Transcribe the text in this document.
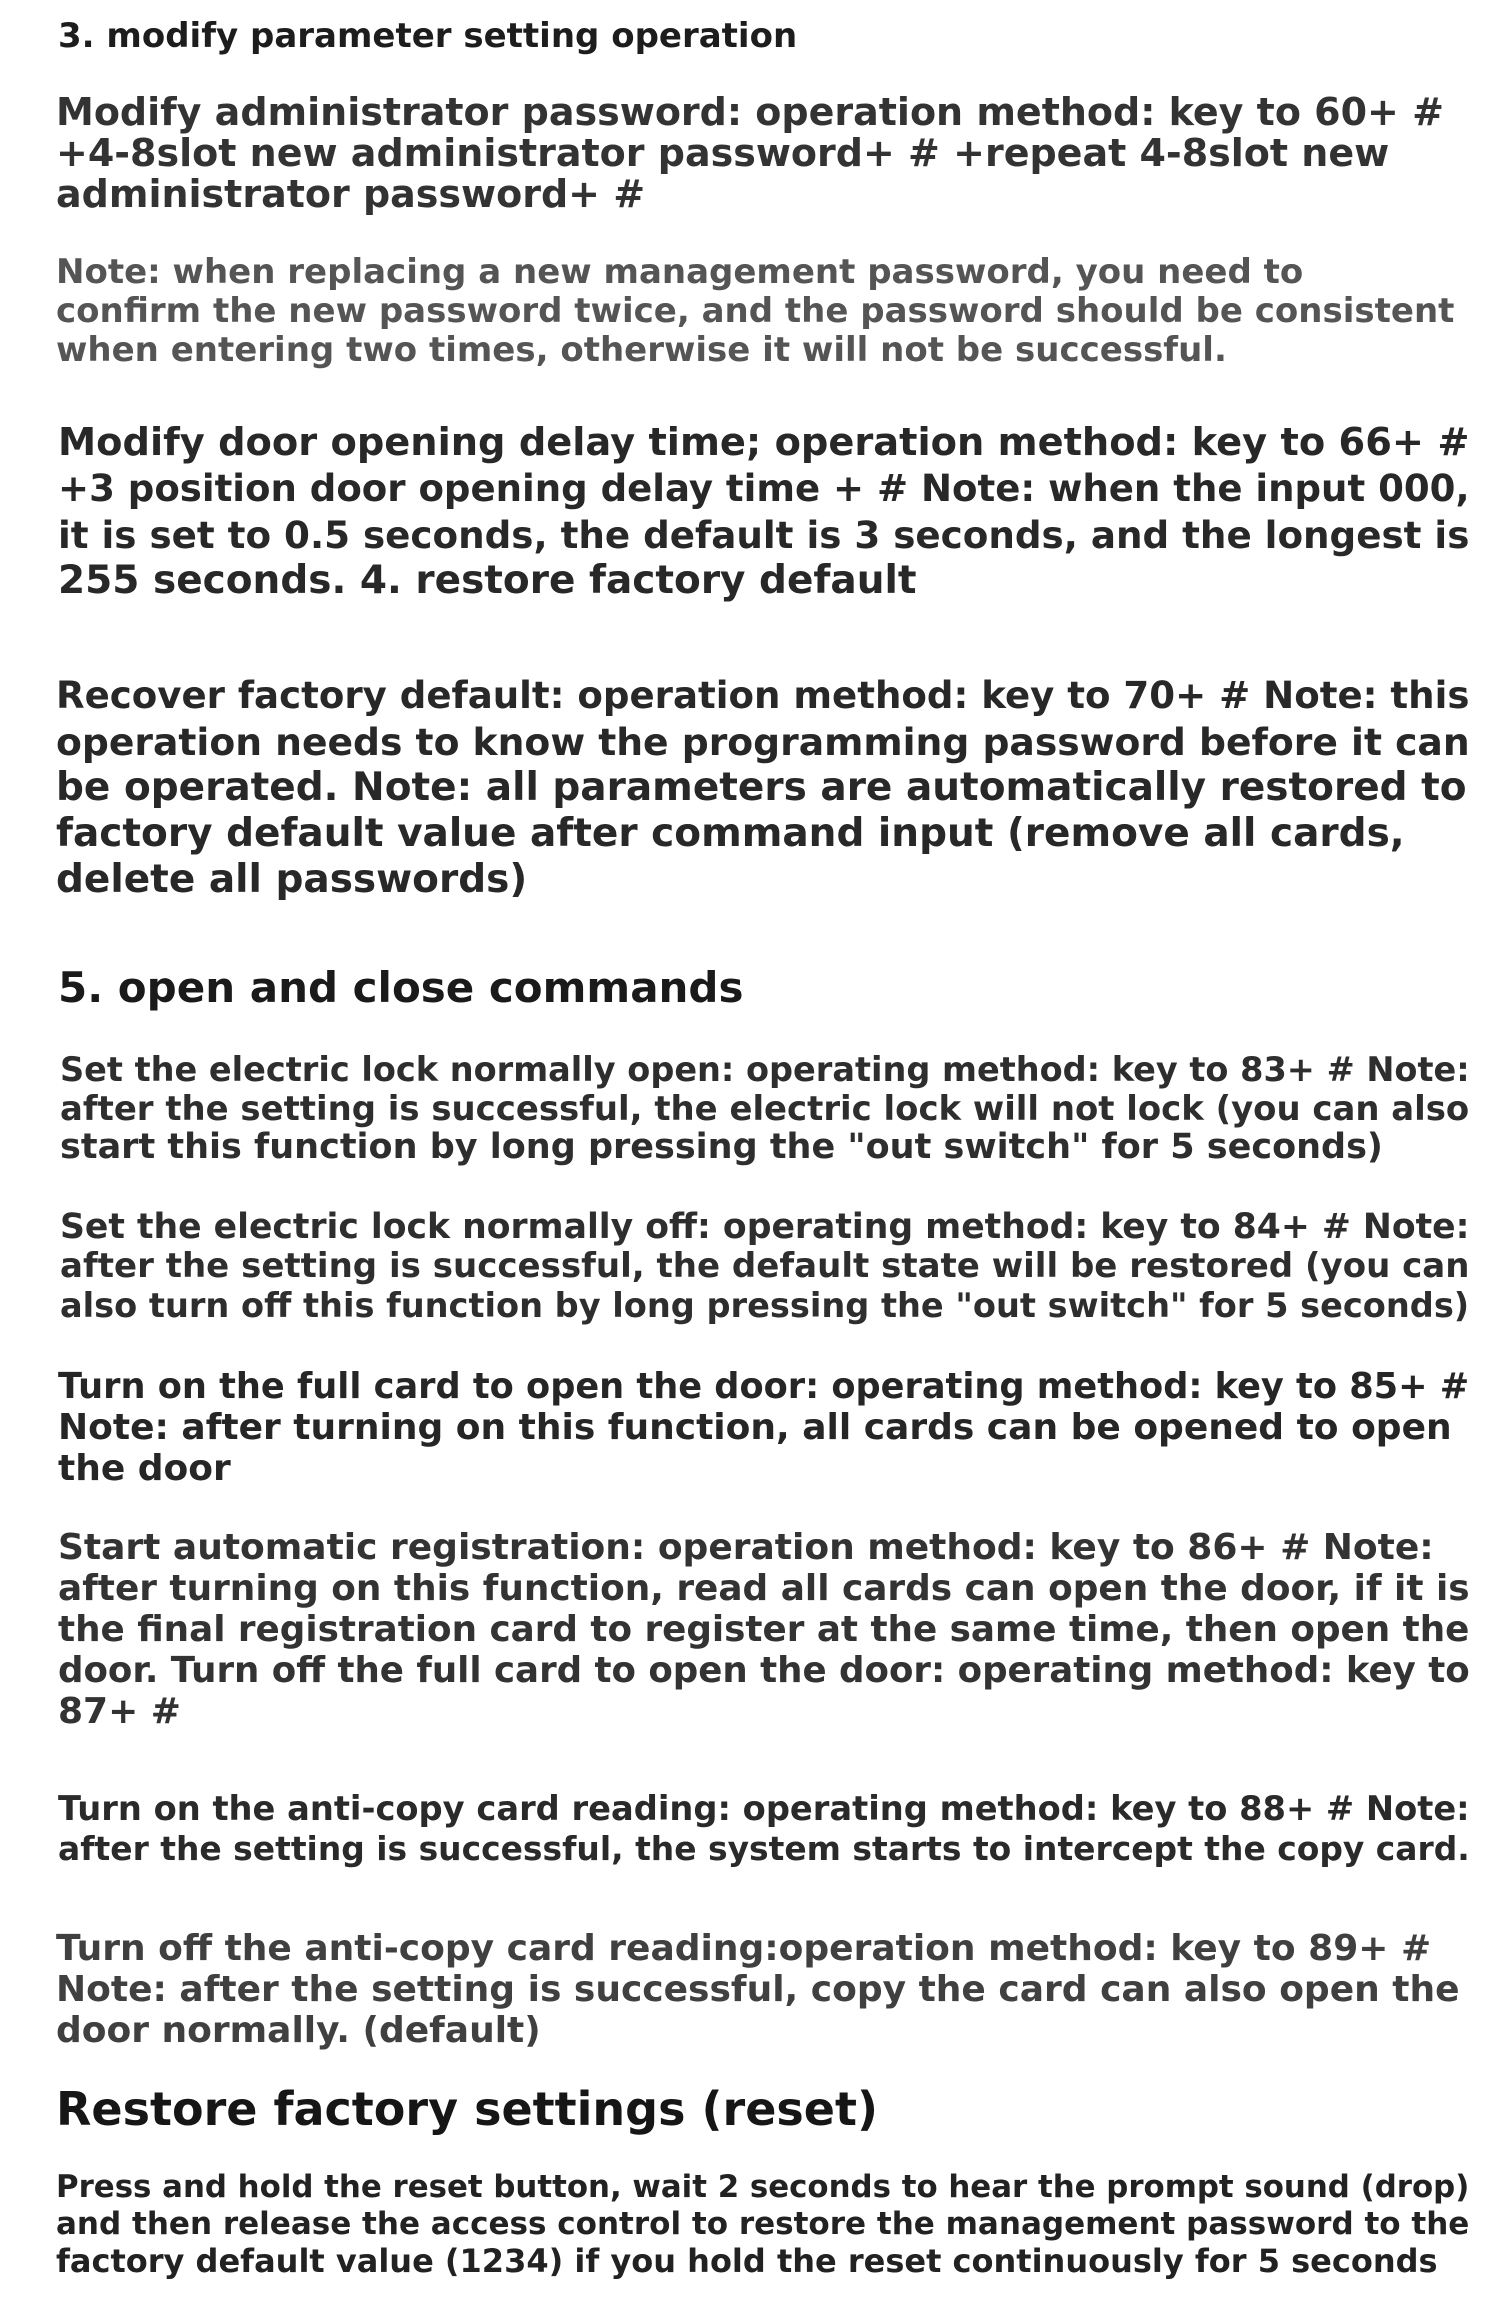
3. modify parameter setting operation
Modify administrator password: operation method: key to 60+ #
+4-8slot new administrator password+ # +repeat 4-8slot new
administrator password+ #
Note: when replacing a new management password, you need to
confirm the new password twice, and the password should be consistent
when entering two times, otherwise it will not be successful.
Modify door opening delay time; operation method: key to 66+ #
+3 position door opening delay time + # Note: when the input 000,
it is set to 0.5 seconds, the default is 3 seconds, and the longest is
255 seconds. 4. restore factory default
Recover factory default: operation method: key to 70+ # Note: this
operation needs to know the programming password before it can
be operated. Note: all parameters are automatically restored to
factory default value after command input (remove all cards,
delete all passwords)
5. open and close commands
Set the electric lock normally open: operating method: key to 83+ # Note:
after the setting is successful, the electric lock will not lock (you can also
start this function by long pressing the "out switch" for 5 seconds)
Set the electric lock normally off: operating method: key to 84+ # Note:
after the setting is successful, the default state will be restored (you can
also turn off this function by long pressing the "out switch" for 5 seconds)
Turn on the full card to open the door: operating method: key to 85+ #
Note: after turning on this function, all cards can be opened to open
the door
Start automatic registration: operation method: key to 86+ # Note:
after turning on this function, read all cards can open the door, if it is
the final registration card to register at the same time, then open the
door. Turn off the full card to open the door: operating method: key to
87+ #
Turn on the anti-copy card reading: operating method: key to 88+ # Note:
after the setting is successful, the system starts to intercept the copy card.
Turn off the anti-copy card reading:operation method: key to 89+ #
Note: after the setting is successful, copy the card can also open the
door normally. (default)
Restore factory settings (reset)
Press and hold the reset button, wait 2 seconds to hear the prompt sound (drop)
and then release the access control to restore the management password to the
factory default value (1234) if you hold the reset continuously for 5 seconds
